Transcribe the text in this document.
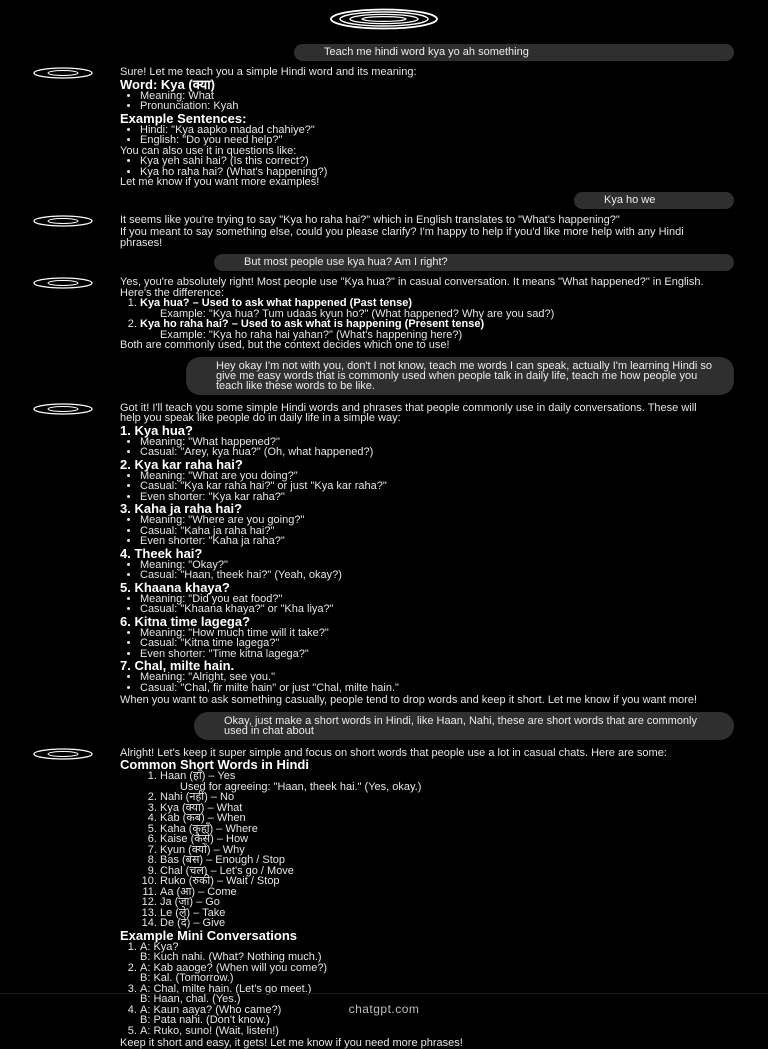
Teach me hindi word kya yo ah something

Sure! Let me teach you a simple Hindi word and its meaning:

Word: Kya (क्या)
• Meaning: What
• Pronunciation: Kyah
Example Sentences:
• Hindi: "Kya aapko madad chahiye?"
• English: "Do you need help?"

You can also use it in questions like:

• Kya yeh sahi hai? (Is this correct?)
• Kya ho raha hai? (What's happening?)

Let me know if you want more examples!

Kya ho we

It seems like you're trying to say "Kya ho raha hai?" which in English translates to "What's happening?"

If you meant to say something else, could you please clarify? I'm happy to help if you'd like more help with any Hindi phrases!

But most people use kya hua? Am I right?

Yes, you're absolutely right! Most people use "Kya hua?" in casual conversation. It means "What happened?" in English.

Here's the difference:

1. Kya hua? – Used to ask what happened (Past tense)

Example: "Kya hua? Tum udaas kyun ho?" (What happened? Why are you sad?)

2. Kya ho raha hai? – Used to ask what is happening (Present tense)

Example: "Kya ho raha hai yahan?" (What's happening here?)

Both are commonly used, but the context decides which one to use!

Hey okay I'm not with you, don't I not know, teach me words I can speak, actually I'm learning Hindi so give me easy words that is commonly used when people talk in daily life, teach me how people you teach like these words to be like.

Got it! I'll teach you some simple Hindi words and phrases that people commonly use in daily conversations. These will help you speak like people do in daily life in a simple way:

1. Kya hua?
• Meaning: "What happened?"
• Casual: "Arey, kya hua?" (Oh, what happened?)
2. Kya kar raha hai?
• Meaning: "What are you doing?"
• Casual: "Kya kar raha hai?" or just "Kya kar raha?"
• Even shorter: "Kya kar raha?"
3. Kaha ja raha hai?
• Meaning: "Where are you going?"
• Casual: "Kaha ja raha hai?"
• Even shorter: "Kaha ja raha?"
4. Theek hai?
• Meaning: "Okay?"
• Casual: "Haan, theek hai?" (Yeah, okay?)
5. Khaana khaya?
• Meaning: "Did you eat food?"
• Casual: "Khaana khaya?" or "Kha liya?"
6. Kitna time lagega?
• Meaning: "How much time will it take?"
• Casual: "Kitna time lagega?"
• Even shorter: "Time kitna lagega?"
7. Chal, milte hain.
• Meaning: "Alright, see you."
• Casual: "Chal, fir milte hain" or just "Chal, milte hain."

When you want to ask something casually, people tend to drop words and keep it short. Let me know if you want more!

Okay, just make a short words in Hindi, like Haan, Nahi, these are short words that are commonly used in chat about

Alright! Let's keep it super simple and focus on short words that people use a lot in casual chats. Here are some:

Common Short Words in Hindi
1. Haan (हाँ) – Yes

Used for agreeing: "Haan, theek hai." (Yes, okay.)

2. Nahi (नहीं) – No
3. Kya (क्या) – What
4. Kab (कब) – When
5. Kaha (कहाँ) – Where
6. Kaise (कैसे) – How
7. Kyun (क्यों) – Why
8. Bas (बस) – Enough / Stop
9. Chal (चल) – Let's go / Move
10. Ruko (रुको) – Wait / Stop
11. Aa (आ) – Come
12. Ja (जा) – Go
13. Le (ले) – Take
14. De (दे) – Give
Example Mini Conversations
1. A: Kya?

B: Kuch nahi. (What? Nothing much.)

2. A: Kab aaoge? (When will you come?)

B: Kal. (Tomorrow.)

3. A: Chal, milte hain. (Let's go meet.)

B: Haan, chal. (Yes.)

4. A: Kaun aaya? (Who came?)

B: Pata nahi. (Don't know.)

5. A: Ruko, suno! (Wait, listen!)

Keep it short and easy, it gets! Let me know if you need more phrases!

chatgpt.com
